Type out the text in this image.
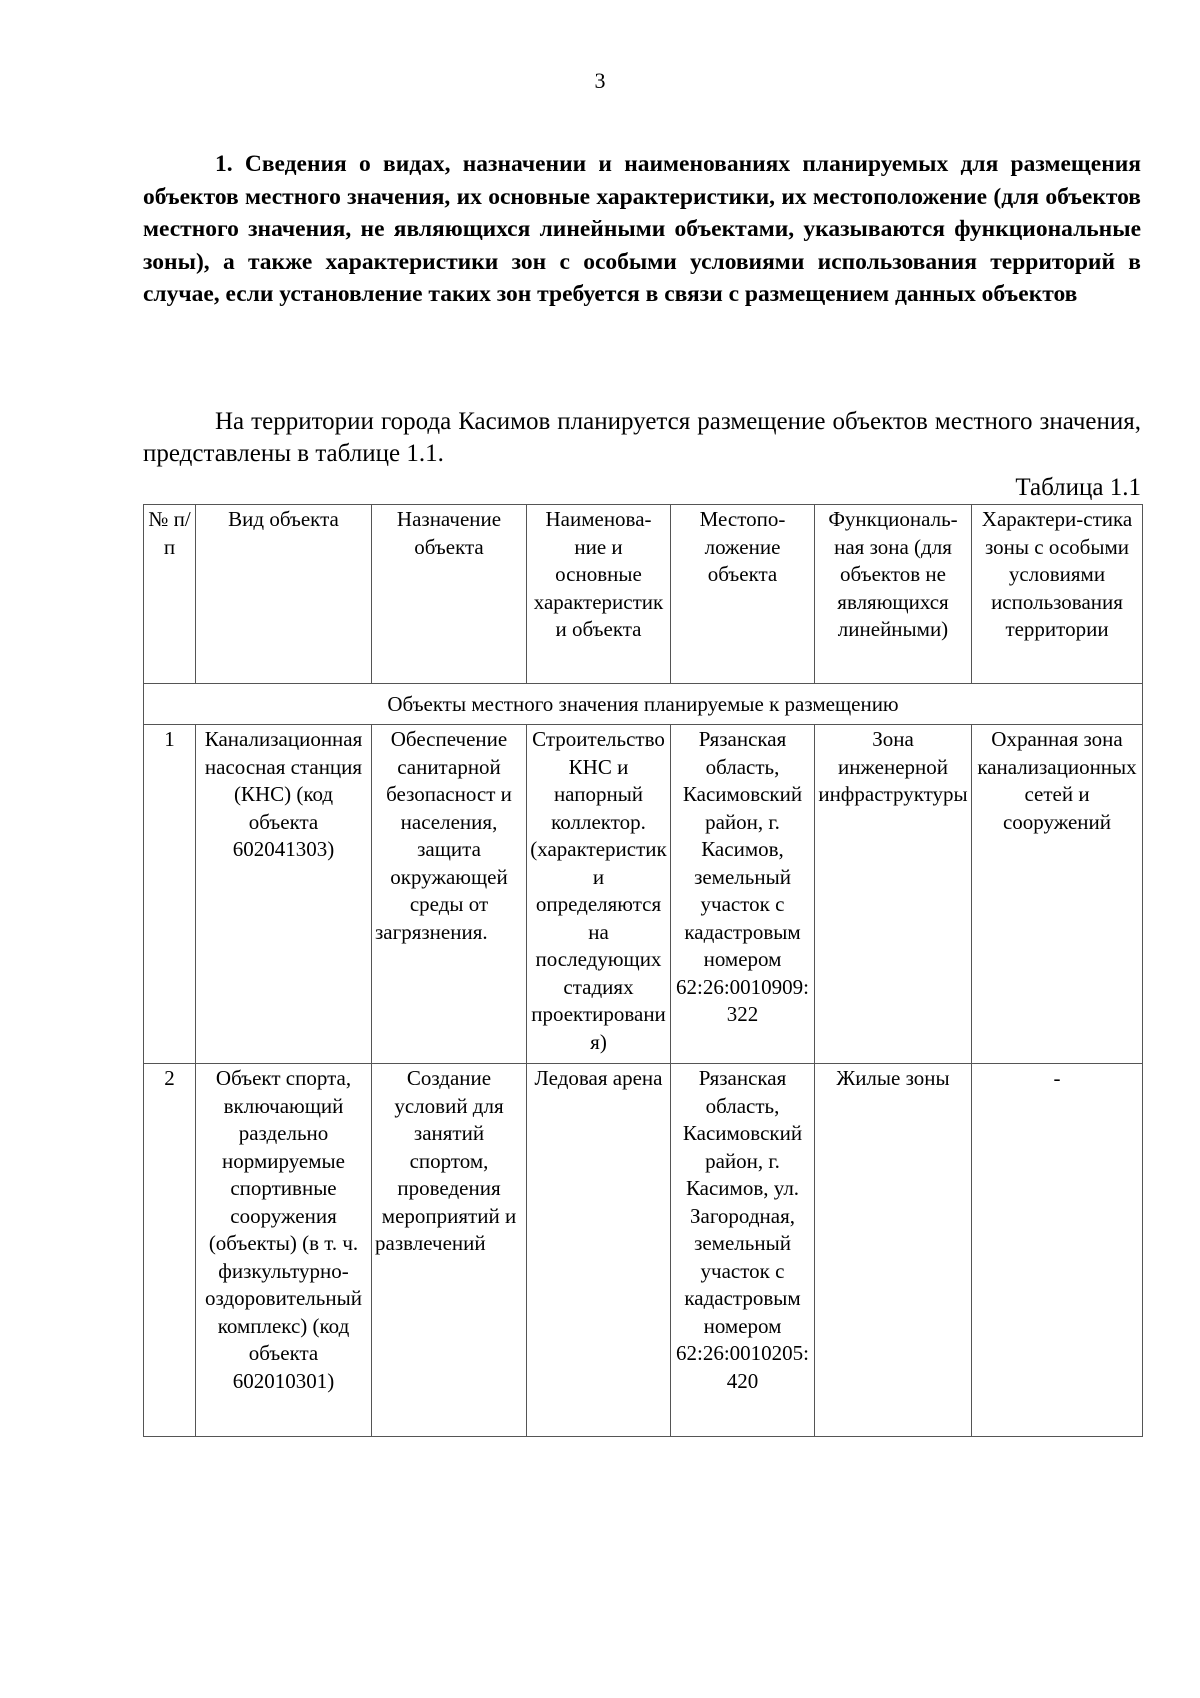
3

1. Сведения о видах, назначении и наименованиях планируемых для размещения объектов местного значения, их основные характеристики, их местоположение (для объектов местного значения, не являющихся линейными объектами, указываются функциональные зоны), а также характеристики зон с особыми условиями использования территорий в случае, если установление таких зон требуется в связи с размещением данных объектов

На территории города Касимов планируется размещение объектов местного значения, представлены в таблице 1.1.

Таблица 1.1
№ п/п	Вид объекта	Назначение объекта	Наименова-ние и основные характеристики объекта	Местопо-ложение объекта	Функциональ-ная зона (для объектов не являющихся линейными)	Характери-стика зоны с особыми условиями использования территории
Объекты местного значения планируемые к размещению						
1	Канализационная насосная станция (КНС) (код объекта 602041303)	Обеспечение санитарной безопасност и населения, защита окружающей среды от загрязнения.	Строительство КНС и напорный коллектор. (характеристики определяются на последующих стадиях проектирования)	Рязанская область, Касимовский район, г. Касимов, земельный участок с кадастровым номером 62:26:0010909:322	Зона инженерной инфраструктуры	Охранная зона канализационных сетей и сооружений
2	Объект спорта, включающий раздельно нормируемые спортивные сооружения (объекты) (в т. ч. физкультурно-оздоровительный комплекс) (код объекта 602010301)	Создание условий для занятий спортом, проведения мероприятий и развлечений	Ледовая арена	Рязанская область, Касимовский район, г. Касимов, ул. Загородная, земельный участок с кадастровым номером 62:26:0010205:420	Жилые зоны	-
